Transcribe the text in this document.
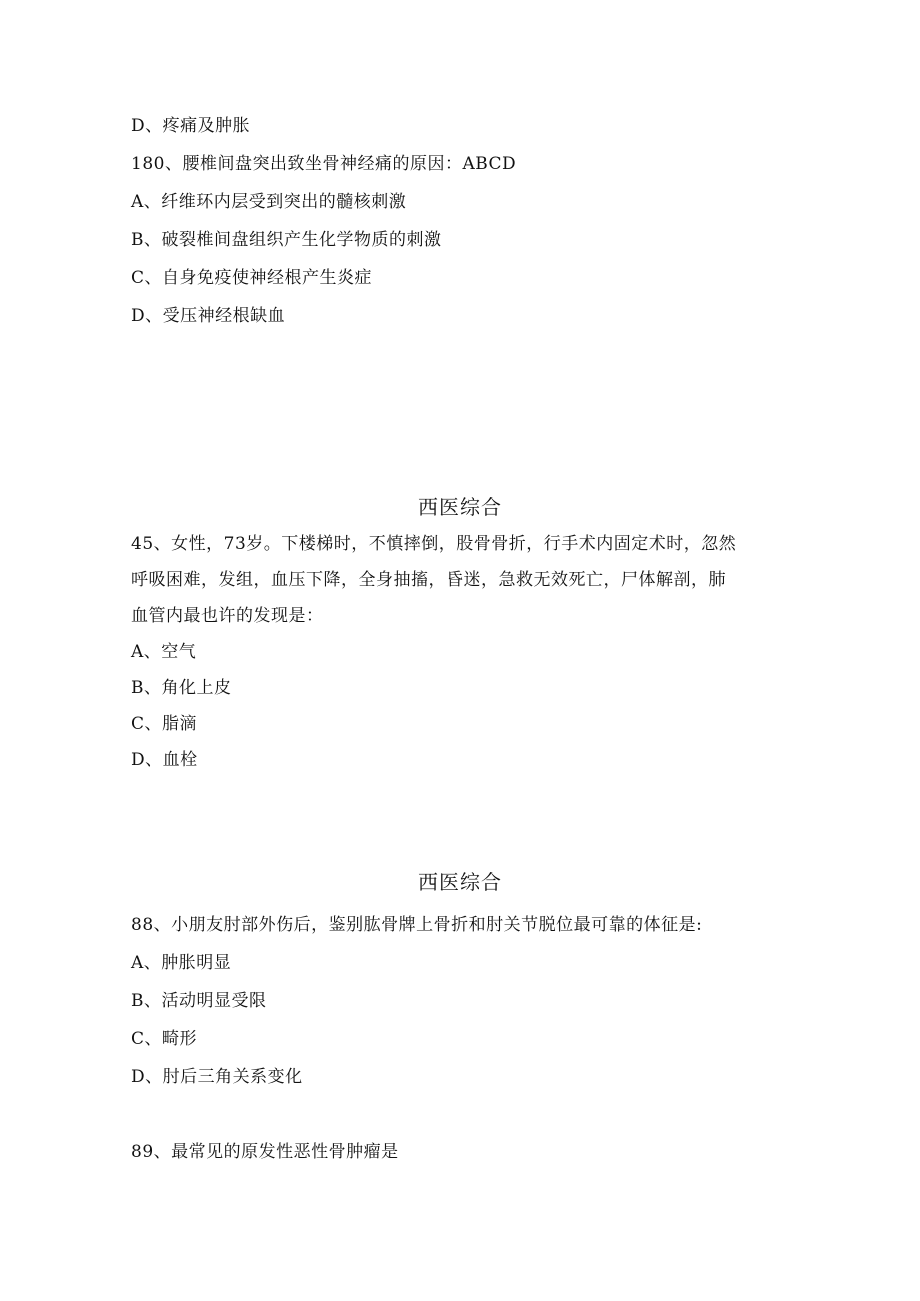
D、疼痛及肿胀
180、腰椎间盘突出致坐骨神经痛的原因：ABCD
A、纤维环内层受到突出的髓核刺激
B、破裂椎间盘组织产生化学物质的刺激
C、自身免疫使神经根产生炎症
D、受压神经根缺血
西医综合
45、女性，73岁。下楼梯时，不慎摔倒，股骨骨折，行手术内固定术时，忽然
呼吸困难，发组，血压下降，全身抽搐，昏迷，急救无效死亡，尸体解剖，肺
血管内最也许的发现是：
A、空气
B、角化上皮
C、脂滴
D、血栓
西医综合
88、小朋友肘部外伤后，鉴别肱骨牌上骨折和肘关节脱位最可靠的体征是:
A、肿胀明显
B、活动明显受限
C、畸形
D、肘后三角关系变化
89、最常见的原发性恶性骨肿瘤是
